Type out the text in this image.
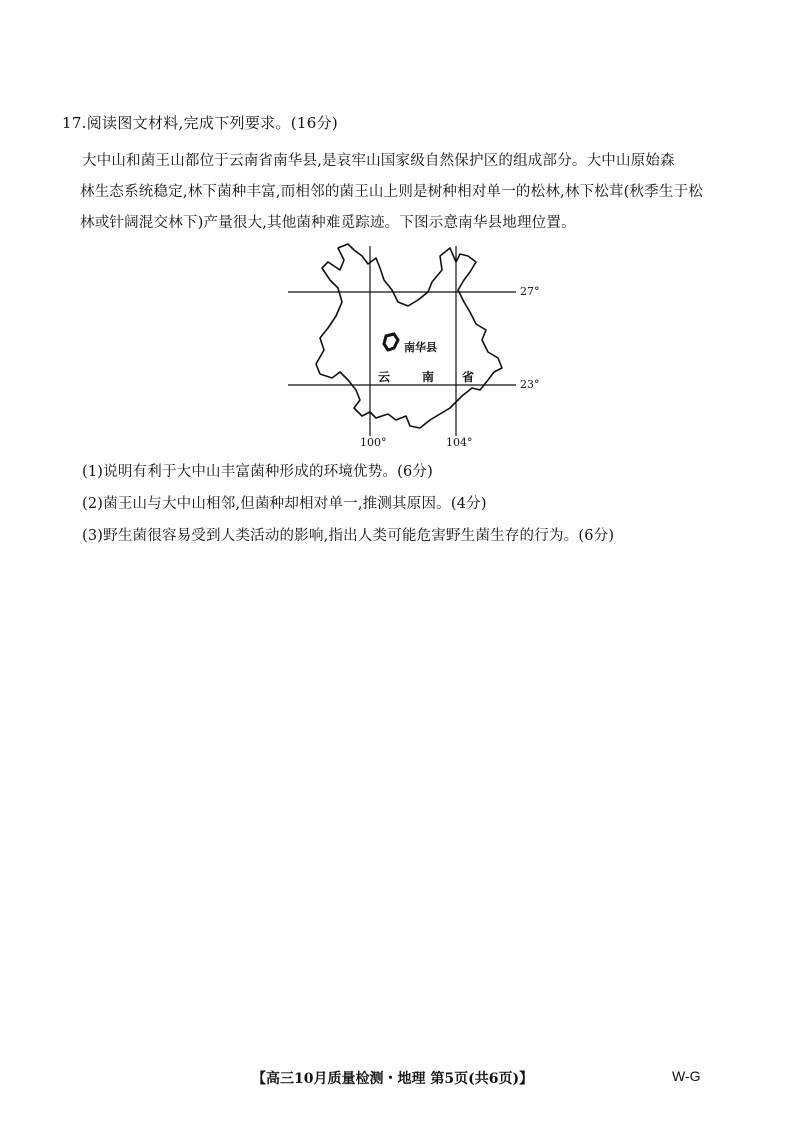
17.阅读图文材料,完成下列要求。(16分)
大中山和菌王山都位于云南省南华县,是哀牢山国家级自然保护区的组成部分。大中山原始森
林生态系统稳定,林下菌种丰富,而相邻的菌王山上则是树种相对单一的松林,林下松茸(秋季生于松
林或针阔混交林下)产量很大,其他菌种难觅踪迹。下图示意南华县地理位置。
南华县
云	南 省
27°
23°
100°	104°
(1)说明有利于大中山丰富菌种形成的环境优势。(6分)
(2)菌王山与大中山相邻,但菌种却相对单一,推测其原因。(4分)
(3)野生菌很容易受到人类活动的影响,指出人类可能危害野生菌生存的行为。(6分)
【高三10月质量检测・地理 第5页(共6页)】	W-G
